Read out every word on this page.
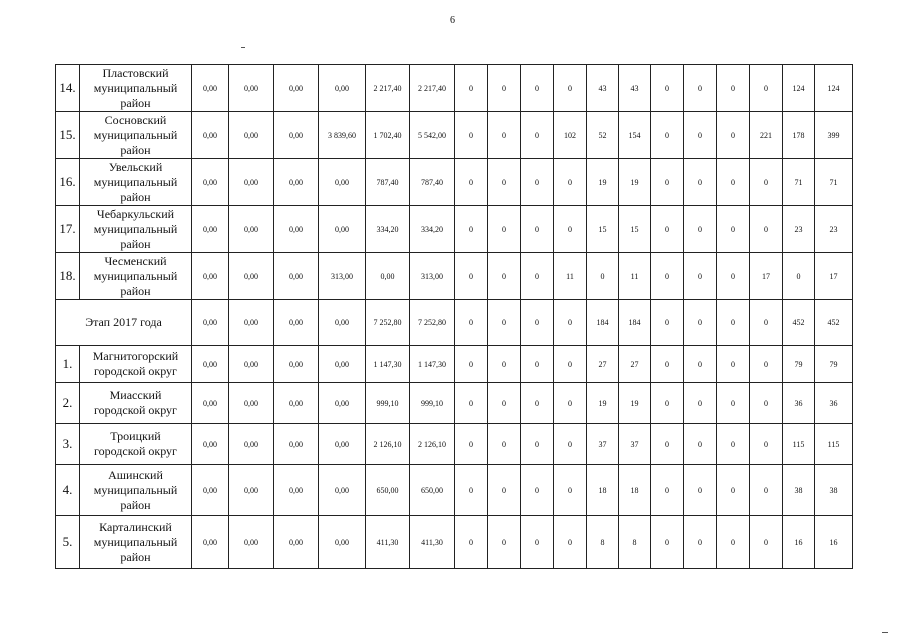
6
14.	Пластовский
муниципальный
район	0,00	0,00	0,00	0,00	2 217,40	2 217,40	0	0	0	0	43	43	0	0	0	0	124	124
15.	Сосновский
муниципальный
район	0,00	0,00	0,00	3 839,60	1 702,40	5 542,00	0	0	0	102	52	154	0	0	0	221	178	399
16.	Увельский
муниципальный
район	0,00	0,00	0,00	0,00	787,40	787,40	0	0	0	0	19	19	0	0	0	0	71	71
17.	Чебаркульский
муниципальный
район	0,00	0,00	0,00	0,00	334,20	334,20	0	0	0	0	15	15	0	0	0	0	23	23
18.	Чесменский
муниципальный
район	0,00	0,00	0,00	313,00	0,00	313,00	0	0	0	11	0	11	0	0	0	17	0	17
Этап 2017 года		0,00	0,00	0,00	0,00	7 252,80	7 252,80	0	0	0	0	184	184	0	0	0	0	452	452
1.	Магнитогорский
городской округ	0,00	0,00	0,00	0,00	1 147,30	1 147,30	0	0	0	0	27	27	0	0	0	0	79	79
2.	Миасский
городской округ	0,00	0,00	0,00	0,00	999,10	999,10	0	0	0	0	19	19	0	0	0	0	36	36
3.	Троицкий
городской округ	0,00	0,00	0,00	0,00	2 126,10	2 126,10	0	0	0	0	37	37	0	0	0	0	115	115
4.	Ашинский
муниципальный
район	0,00	0,00	0,00	0,00	650,00	650,00	0	0	0	0	18	18	0	0	0	0	38	38
5.	Карталинский
муниципальный
район	0,00	0,00	0,00	0,00	411,30	411,30	0	0	0	0	8	8	0	0	0	0	16	16
